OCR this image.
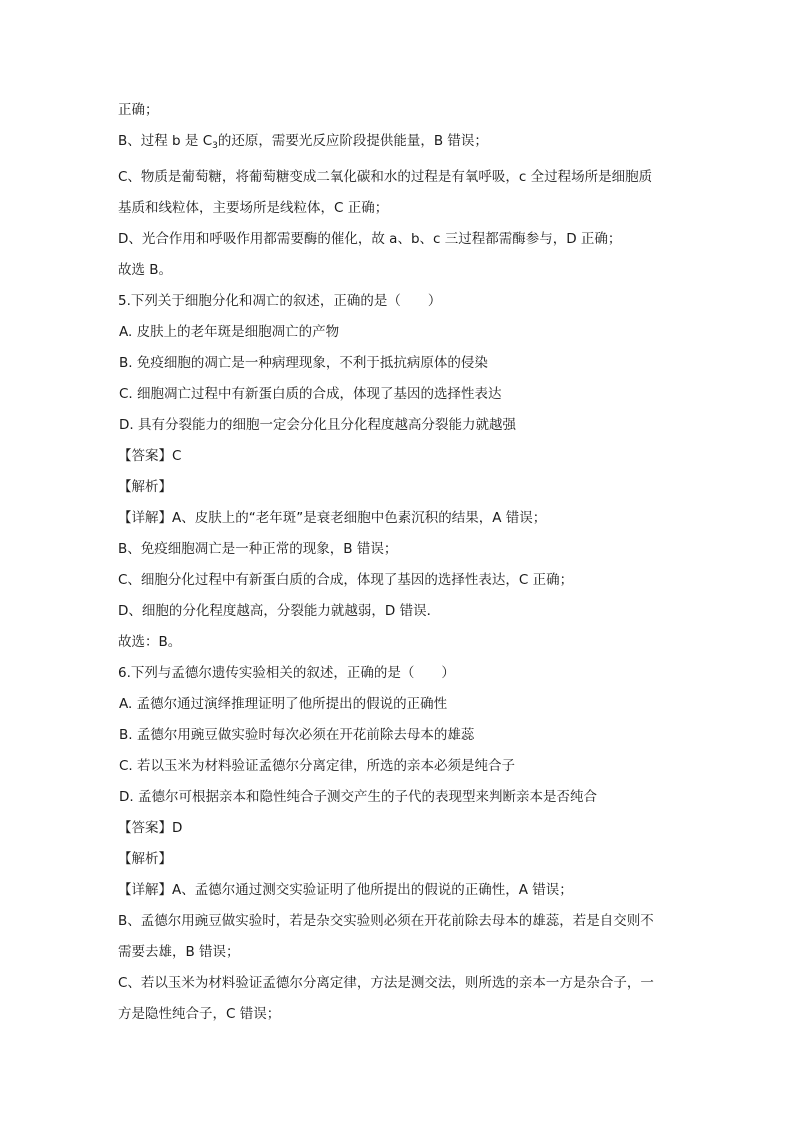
正确；

B、过程 b 是 $C_3$的还原，需要光反应阶段提供能量，B 错误；

C、物质是葡萄糖，将葡萄糖变成二氧化碳和水的过程是有氧呼吸，c 全过程场所是细胞质

基质和线粒体，主要场所是线粒体，C 正确；

D、光合作用和呼吸作用都需要酶的催化，故 a、b、c 三过程都需酶参与，D 正确；

故选 B。

5.下列关于细胞分化和凋亡的叙述，正确的是（　　）

A. 皮肤上的老年斑是细胞凋亡的产物

B. 免疫细胞的凋亡是一种病理现象，不利于抵抗病原体的侵染

C. 细胞凋亡过程中有新蛋白质的合成，体现了基因的选择性表达

D. 具有分裂能力的细胞一定会分化且分化程度越高分裂能力就越强

【答案】C

【解析】

【详解】A、皮肤上的“老年斑”是衰老细胞中色素沉积的结果，A 错误；

B、免疫细胞凋亡是一种正常的现象，B 错误；

C、细胞分化过程中有新蛋白质的合成，体现了基因的选择性表达，C 正确；

D、细胞的分化程度越高，分裂能力就越弱，D 错误．

故选：B。

6.下列与孟德尔遗传实验相关的叙述，正确的是（　　）

A. 孟德尔通过演绎推理证明了他所提出的假说的正确性

B. 孟德尔用豌豆做实验时每次必须在开花前除去母本的雄蕊

C. 若以玉米为材料验证孟德尔分离定律，所选的亲本必须是纯合子

D. 孟德尔可根据亲本和隐性纯合子测交产生的子代的表现型来判断亲本是否纯合

【答案】D

【解析】

【详解】A、孟德尔通过测交实验证明了他所提出的假说的正确性，A 错误；

B、孟德尔用豌豆做实验时，若是杂交实验则必须在开花前除去母本的雄蕊，若是自交则不

需要去雄，B 错误；

C、若以玉米为材料验证孟德尔分离定律，方法是测交法，则所选的亲本一方是杂合子，一

方是隐性纯合子，C 错误；
